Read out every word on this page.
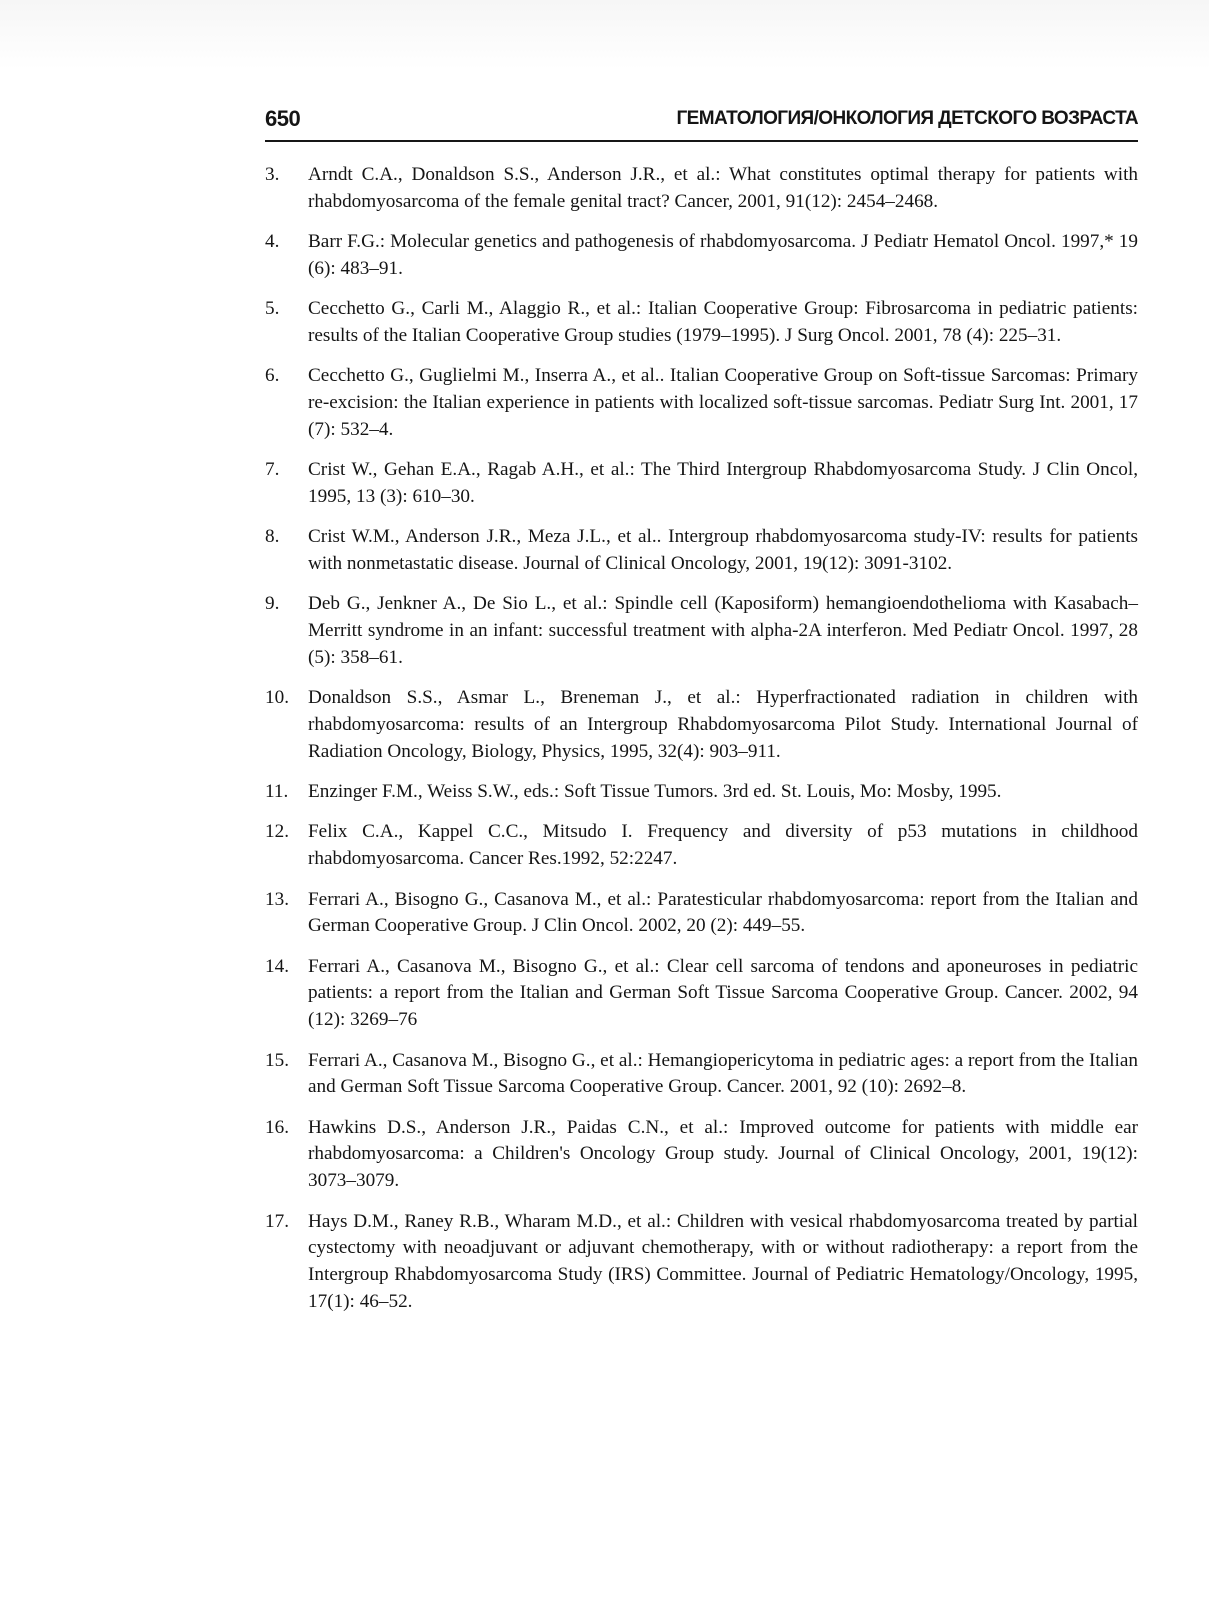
650	ГЕМАТОЛОГИЯ/ОНКОЛОГИЯ ДЕТСКОГО ВОЗРАСТА
3. Arndt C.A., Donaldson S.S., Anderson J.R., et al.: What constitutes optimal therapy for patients with rhabdomyosarcoma of the female genital tract? Cancer, 2001, 91(12): 2454–2468.
4. Barr F.G.: Molecular genetics and pathogenesis of rhabdomyosarcoma. J Pediatr Hematol Oncol. 1997,* 19 (6): 483–91.
5. Cecchetto G., Carli M., Alaggio R., et al.: Italian Cooperative Group: Fibrosarcoma in pediatric patients: results of the Italian Cooperative Group studies (1979–1995). J Surg Oncol. 2001, 78 (4): 225–31.
6. Cecchetto G., Guglielmi M., Inserra A., et al.. Italian Cooperative Group on Soft-tissue Sarcomas: Primary re-excision: the Italian experience in patients with localized soft-tissue sarcomas. Pediatr Surg Int. 2001, 17 (7): 532–4.
7. Crist W., Gehan E.A., Ragab A.H., et al.: The Third Intergroup Rhabdomyosarcoma Study. J Clin Oncol, 1995, 13 (3): 610–30.
8. Crist W.M., Anderson J.R., Meza J.L., et al.. Intergroup rhabdomyosarcoma study-IV: results for patients with nonmetastatic disease. Journal of Clinical Oncology, 2001, 19(12): 3091-3102.
9. Deb G., Jenkner A., De Sio L., et al.: Spindle cell (Kaposiform) hemangioendothelioma with Kasabach–Merritt syndrome in an infant: successful treatment with alpha-2A interferon. Med Pediatr Oncol. 1997, 28 (5): 358–61.
10. Donaldson S.S., Asmar L., Breneman J., et al.: Hyperfractionated radiation in children with rhabdomyosarcoma: results of an Intergroup Rhabdomyosarcoma Pilot Study. International Journal of Radiation Oncology, Biology, Physics, 1995, 32(4): 903–911.
11. Enzinger F.M., Weiss S.W., eds.: Soft Tissue Tumors. 3rd ed. St. Louis, Mo: Mosby, 1995.
12. Felix C.A., Kappel C.C., Mitsudo I. Frequency and diversity of p53 mutations in childhood rhabdomyosarcoma. Cancer Res.1992, 52:2247.
13. Ferrari A., Bisogno G., Casanova M., et al.: Paratesticular rhabdomyosarcoma: report from the Italian and German Cooperative Group. J Clin Oncol. 2002, 20 (2): 449–55.
14. Ferrari A., Casanova M., Bisogno G., et al.: Clear cell sarcoma of tendons and aponeuroses in pediatric patients: a report from the Italian and German Soft Tissue Sarcoma Cooperative Group. Cancer. 2002, 94 (12): 3269–76
15. Ferrari A., Casanova M., Bisogno G., et al.: Hemangiopericytoma in pediatric ages: a report from the Italian and German Soft Tissue Sarcoma Cooperative Group. Cancer. 2001, 92 (10): 2692–8.
16. Hawkins D.S., Anderson J.R., Paidas C.N., et al.: Improved outcome for patients with middle ear rhabdomyosarcoma: a Children's Oncology Group study. Journal of Clinical Oncology, 2001, 19(12): 3073–3079.
17. Hays D.M., Raney R.B., Wharam M.D., et al.: Children with vesical rhabdomyosarcoma treated by partial cystectomy with neoadjuvant or adjuvant chemotherapy, with or without radiotherapy: a report from the Intergroup Rhabdomyosarcoma Study (IRS) Committee. Journal of Pediatric Hematology/Oncology, 1995, 17(1): 46–52.
